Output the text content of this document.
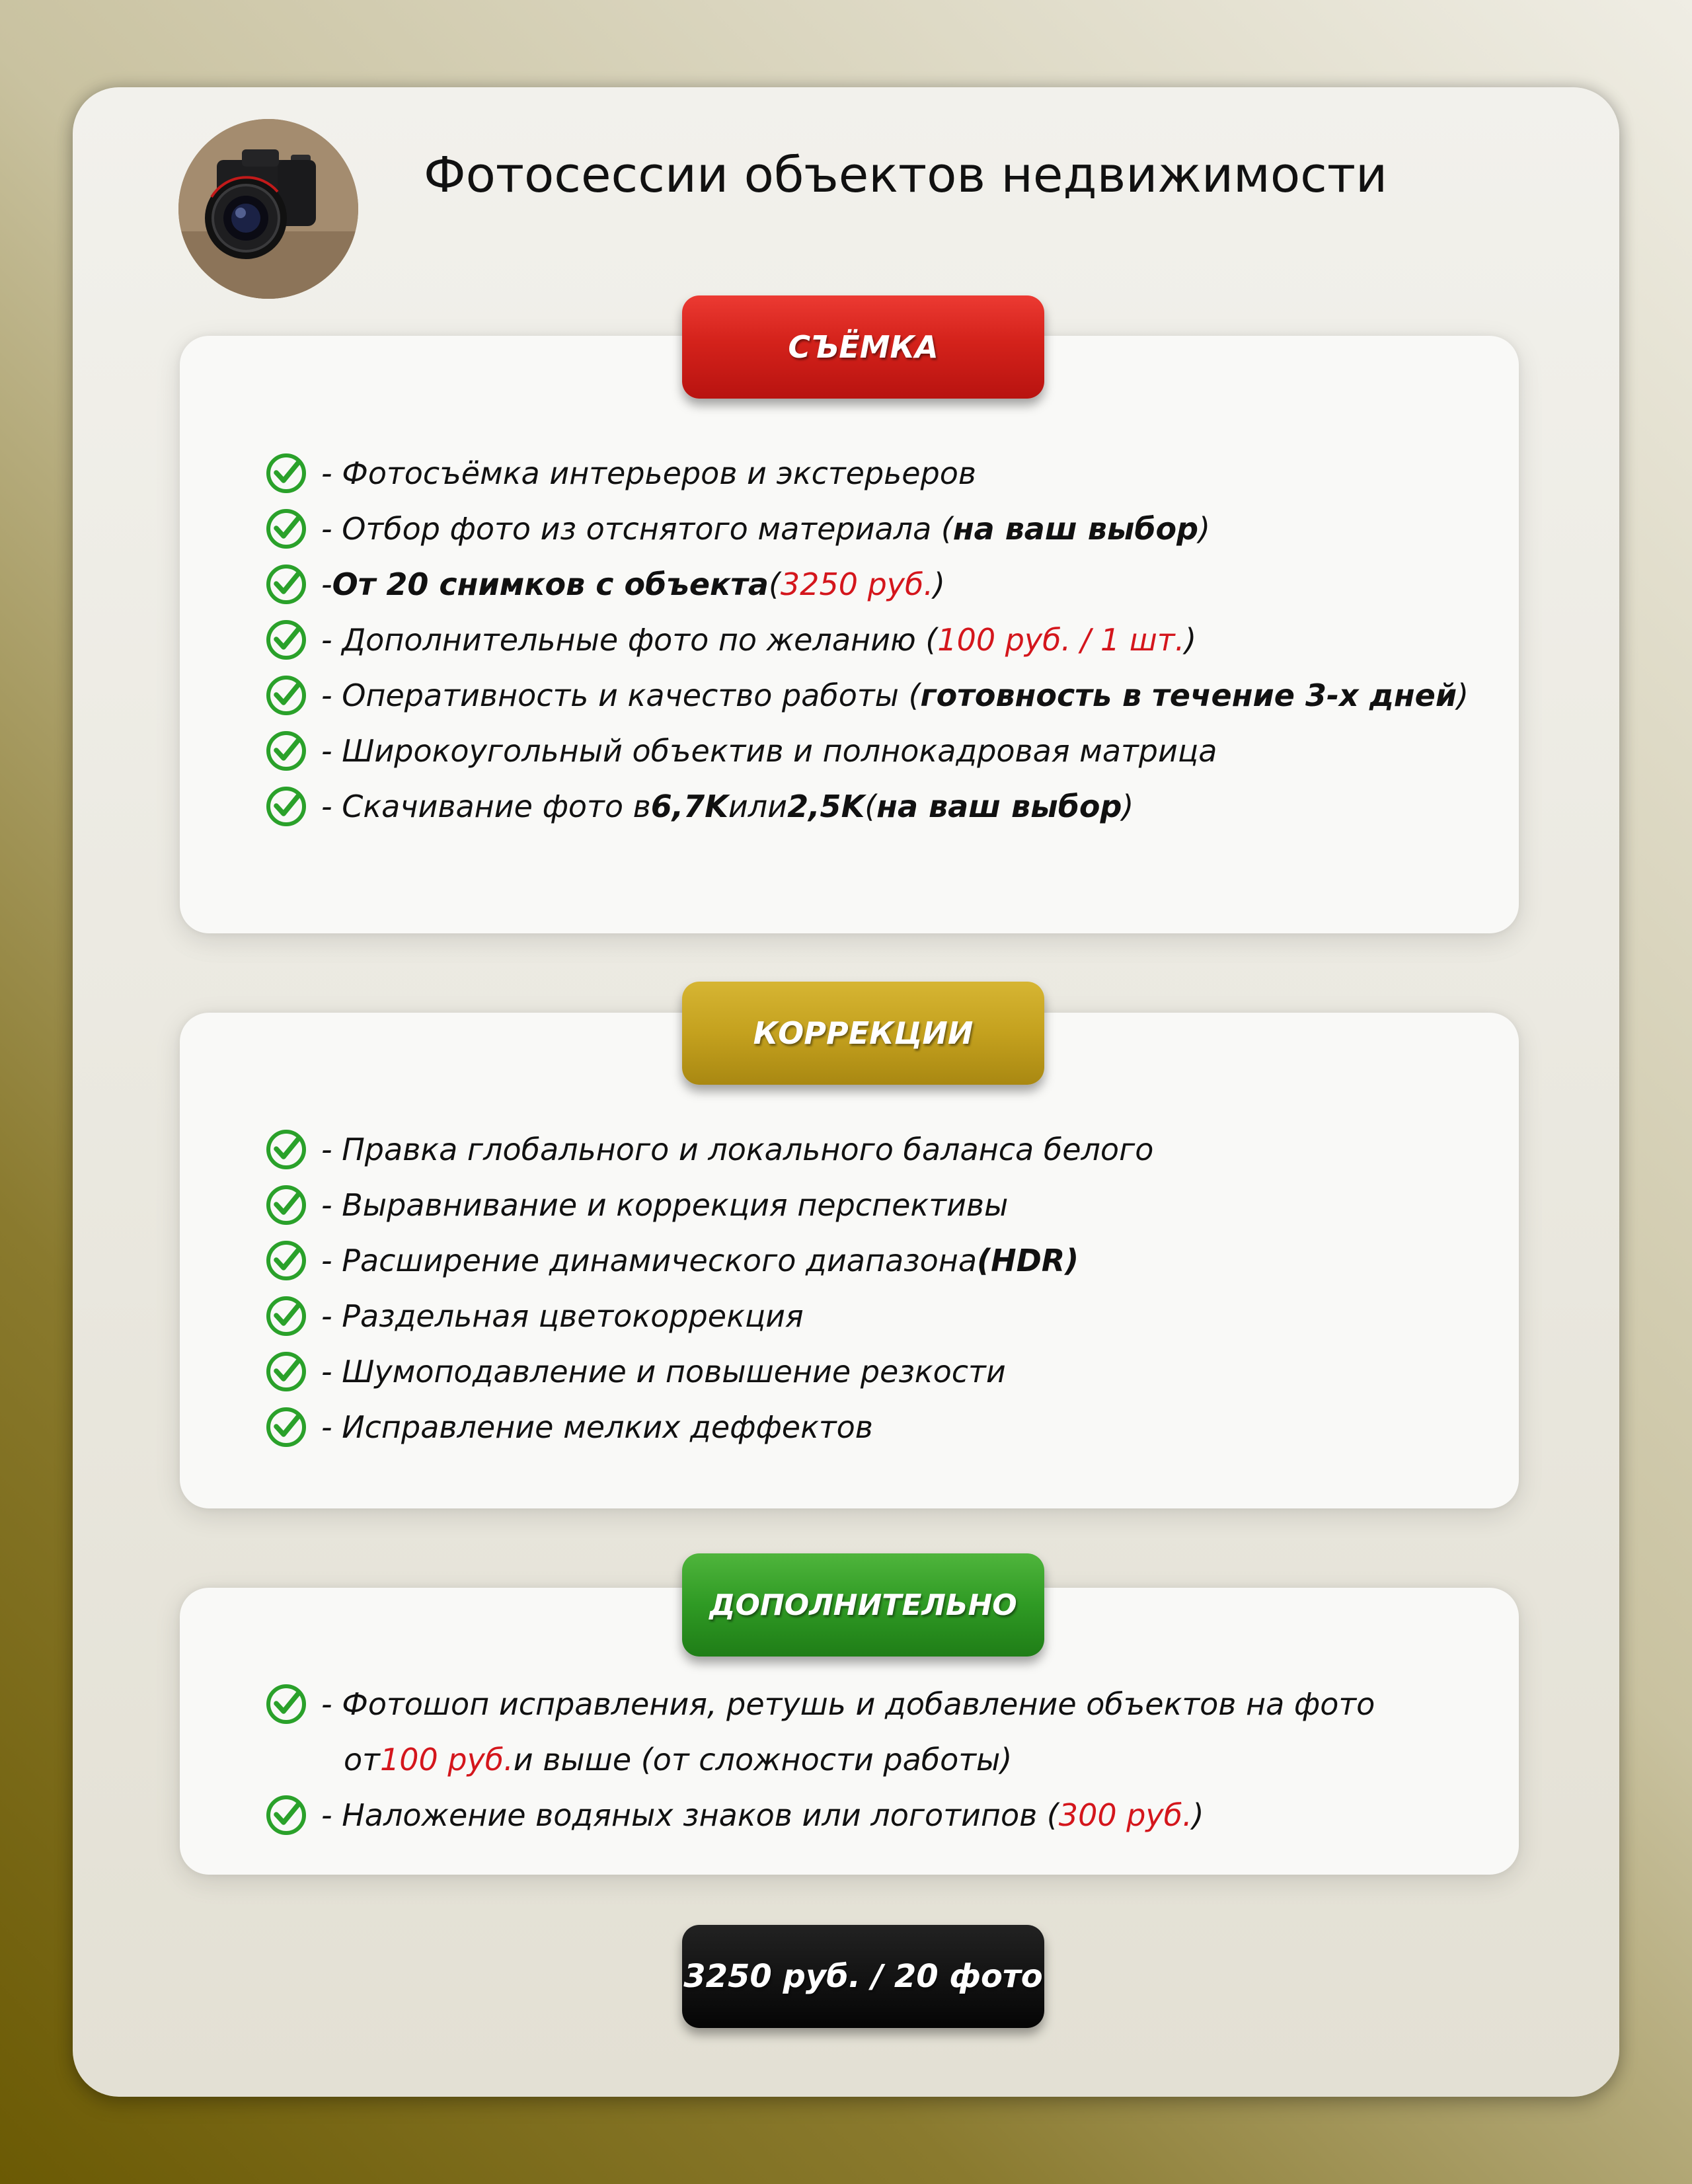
Фотосессии объектов недвижимости
СЪЁМКА
- Фотосъёмка интерьеров и экстерьеров
- Отбор фото из отснятого материала ( на ваш выбор )
- От 20 снимков с объекта ( 3250 руб. )
- Дополнительные фото по желанию ( 100 руб. / 1 шт. )
- Оперативность и качество работы ( готовность в течение 3-х дней )
- Широкоугольный объектив и полнокадровая матрица
- Скачивание фото в 6,7K или 2,5K ( на ваш выбор )
КОРРЕКЦИИ
- Правка глобального и локального баланса белого
- Выравнивание и коррекция перспективы
- Расширение динамического диапазона (HDR)
- Раздельная цветокоррекция
- Шумоподавление и повышение резкости
- Исправление мелких деффектов
ДОПОЛНИТЕЛЬНО
- Фотошоп исправления, ретушь и добавление объектов на фото
от 100 руб. и выше (от сложности работы)
- Наложение водяных знаков или логотипов ( 300 руб. )
3250 руб. / 20 фото
